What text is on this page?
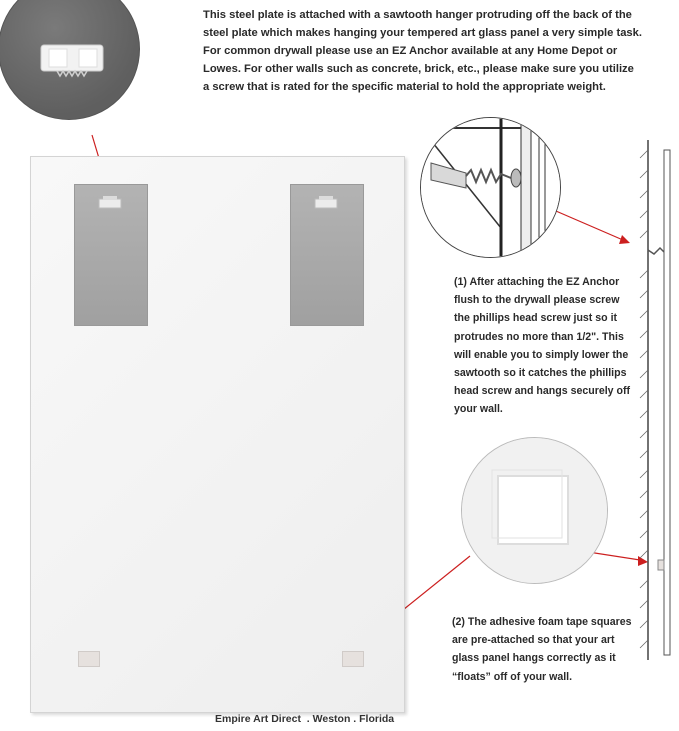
This steel plate is attached with a sawtooth hanger protruding off the back of the
steel plate which makes hanging your tempered art glass panel a very simple task.
For common drywall please use an EZ Anchor available at any Home Depot or
Lowes. For other walls such as concrete, brick, etc., please make sure you utilize
a screw that is rated for the specific material to hold the appropriate weight.
(1) After attaching the EZ Anchor
flush to the drywall please screw
the phillips head screw just so it
protrudes no more than 1/2". This
will enable you to simply lower the
sawtooth so it catches the phillips
head screw and hangs securely off
your wall.
(2) The adhesive foam tape squares
are pre-attached so that your art
glass panel hangs correctly as it
“floats” off of your wall.
Empire Art Direct  . Weston . Florida
